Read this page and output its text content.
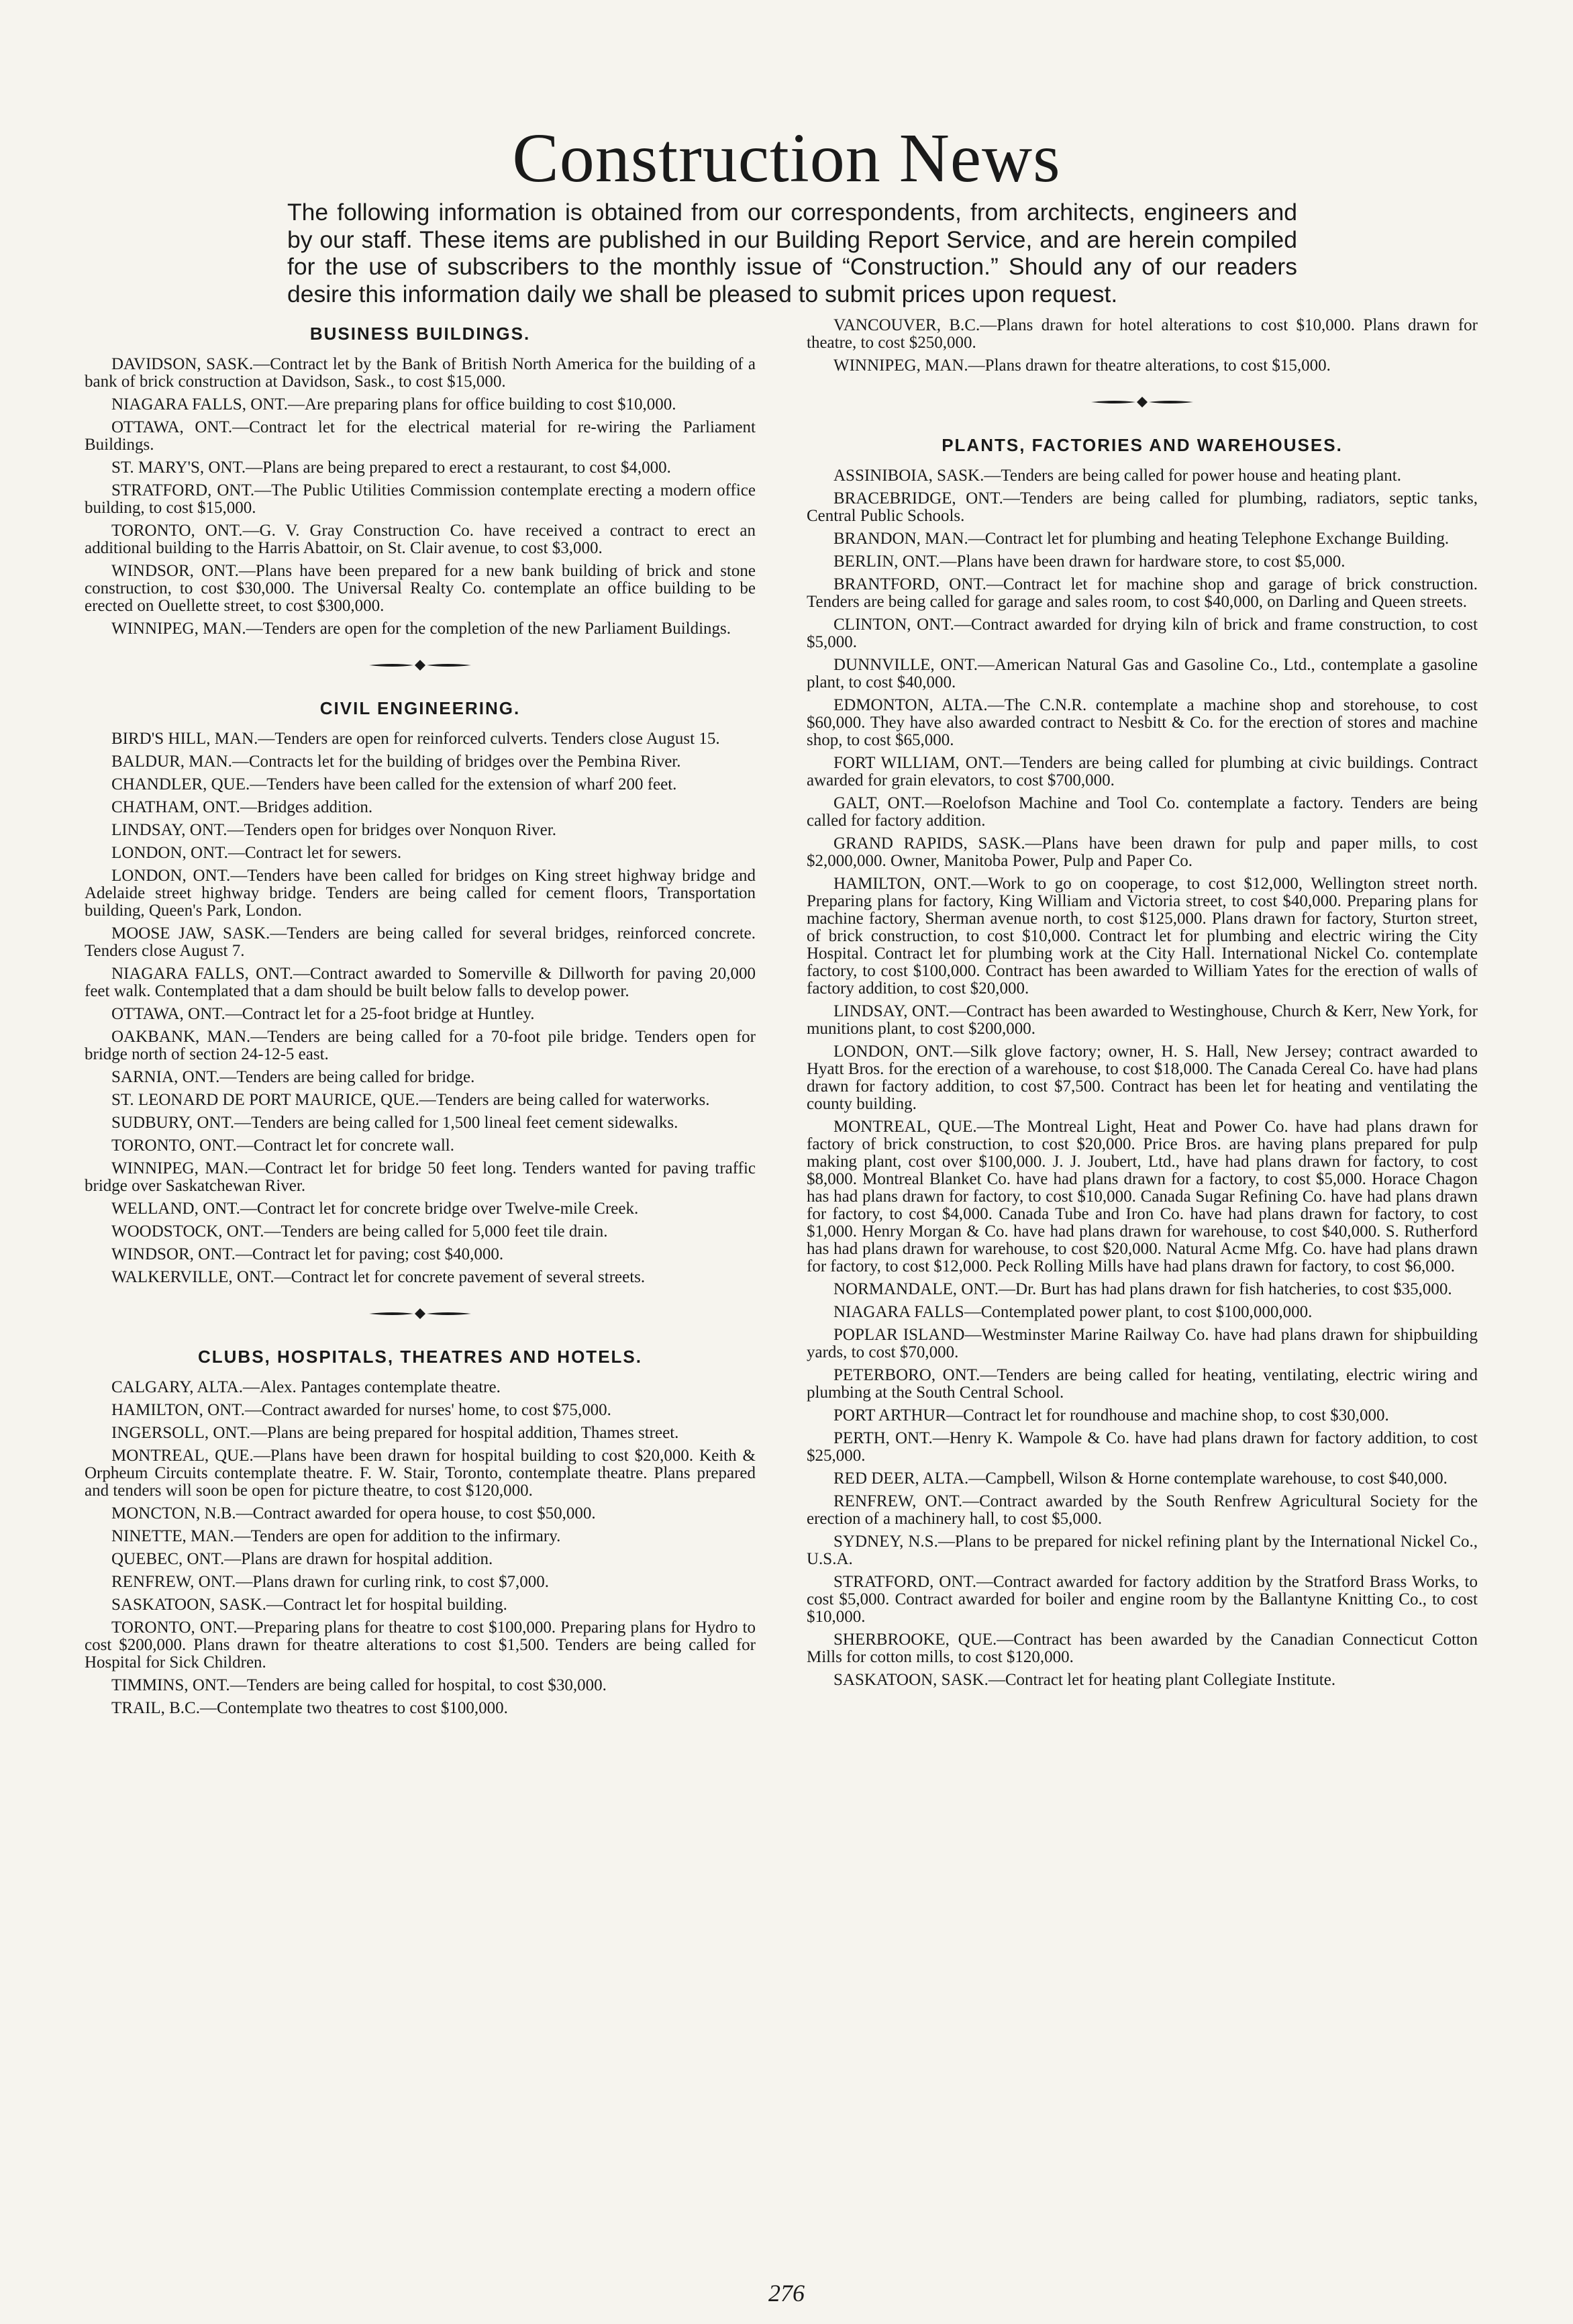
Construction News
The following information is obtained from our correspondents, from architects, engineers and by our staff. These items are published in our Building Report Service, and are herein compiled for the use of subscribers to the monthly issue of “Construction.” Should any of our readers desire this information daily we shall be pleased to submit prices upon request.
BUSINESS BUILDINGS.

DAVIDSON, SASK.—Contract let by the Bank of British North America for the building of a bank of brick construction at Davidson, Sask., to cost $15,000.

NIAGARA FALLS, ONT.—Are preparing plans for office building to cost $10,000.

OTTAWA, ONT.—Contract let for the electrical material for re-wiring the Parliament Buildings.

ST. MARY'S, ONT.—Plans are being prepared to erect a restaurant, to cost $4,000.

STRATFORD, ONT.—The Public Utilities Commission contemplate erecting a modern office building, to cost $15,000.

TORONTO, ONT.—G. V. Gray Construction Co. have received a contract to erect an additional building to the Harris Abattoir, on St. Clair avenue, to cost $3,000.

WINDSOR, ONT.—Plans have been prepared for a new bank building of brick and stone construction, to cost $30,000. The Universal Realty Co. contemplate an office building to be erected on Ouellette street, to cost $300,000.

WINNIPEG, MAN.—Tenders are open for the completion of the new Parliament Buildings.

CIVIL ENGINEERING.

BIRD'S HILL, MAN.—Tenders are open for reinforced culverts. Tenders close August 15.

BALDUR, MAN.—Contracts let for the building of bridges over the Pembina River.

CHANDLER, QUE.—Tenders have been called for the extension of wharf 200 feet.

CHATHAM, ONT.—Bridges addition.

LINDSAY, ONT.—Tenders open for bridges over Nonquon River.

LONDON, ONT.—Contract let for sewers.

LONDON, ONT.—Tenders have been called for bridges on King street highway bridge and Adelaide street highway bridge. Tenders are being called for cement floors, Transportation building, Queen's Park, London.

MOOSE JAW, SASK.—Tenders are being called for several bridges, reinforced concrete. Tenders close August 7.

NIAGARA FALLS, ONT.—Contract awarded to Somerville & Dillworth for paving 20,000 feet walk. Contemplated that a dam should be built below falls to develop power.

OTTAWA, ONT.—Contract let for a 25-foot bridge at Huntley.

OAKBANK, MAN.—Tenders are being called for a 70-foot pile bridge. Tenders open for bridge north of section 24-12-5 east.

SARNIA, ONT.—Tenders are being called for bridge.

ST. LEONARD DE PORT MAURICE, QUE.—Tenders are being called for waterworks.

SUDBURY, ONT.—Tenders are being called for 1,500 lineal feet cement sidewalks.

TORONTO, ONT.—Contract let for concrete wall.

WINNIPEG, MAN.—Contract let for bridge 50 feet long. Tenders wanted for paving traffic bridge over Saskatchewan River.

WELLAND, ONT.—Contract let for concrete bridge over Twelve-mile Creek.

WOODSTOCK, ONT.—Tenders are being called for 5,000 feet tile drain.

WINDSOR, ONT.—Contract let for paving; cost $40,000.

WALKERVILLE, ONT.—Contract let for concrete pavement of several streets.

CLUBS, HOSPITALS, THEATRES AND HOTELS.

CALGARY, ALTA.—Alex. Pantages contemplate theatre.

HAMILTON, ONT.—Contract awarded for nurses' home, to cost $75,000.

INGERSOLL, ONT.—Plans are being prepared for hospital addition, Thames street.

MONTREAL, QUE.—Plans have been drawn for hospital building to cost $20,000. Keith & Orpheum Circuits contemplate theatre. F. W. Stair, Toronto, contemplate theatre. Plans prepared and tenders will soon be open for picture theatre, to cost $120,000.

MONCTON, N.B.—Contract awarded for opera house, to cost $50,000.

NINETTE, MAN.—Tenders are open for addition to the infirmary.

QUEBEC, ONT.—Plans are drawn for hospital addition.

RENFREW, ONT.—Plans drawn for curling rink, to cost $7,000.

SASKATOON, SASK.—Contract let for hospital building.

TORONTO, ONT.—Preparing plans for theatre to cost $100,000. Preparing plans for Hydro to cost $200,000. Plans drawn for theatre alterations to cost $1,500. Tenders are being called for Hospital for Sick Children.

TIMMINS, ONT.—Tenders are being called for hospital, to cost $30,000.

TRAIL, B.C.—Contemplate two theatres to cost $100,000.

VANCOUVER, B.C.—Plans drawn for hotel alterations to cost $10,000. Plans drawn for theatre, to cost $250,000.

WINNIPEG, MAN.—Plans drawn for theatre alterations, to cost $15,000.

PLANTS, FACTORIES AND WAREHOUSES.

ASSINIBOIA, SASK.—Tenders are being called for power house and heating plant.

BRACEBRIDGE, ONT.—Tenders are being called for plumbing, radiators, septic tanks, Central Public Schools.

BRANDON, MAN.—Contract let for plumbing and heating Telephone Exchange Building.

BERLIN, ONT.—Plans have been drawn for hardware store, to cost $5,000.

BRANTFORD, ONT.—Contract let for machine shop and garage of brick construction. Tenders are being called for garage and sales room, to cost $40,000, on Darling and Queen streets.

CLINTON, ONT.—Contract awarded for drying kiln of brick and frame construction, to cost $5,000.

DUNNVILLE, ONT.—American Natural Gas and Gasoline Co., Ltd., contemplate a gasoline plant, to cost $40,000.

EDMONTON, ALTA.—The C.N.R. contemplate a machine shop and storehouse, to cost $60,000. They have also awarded contract to Nesbitt & Co. for the erection of stores and machine shop, to cost $65,000.

FORT WILLIAM, ONT.—Tenders are being called for plumbing at civic buildings. Contract awarded for grain elevators, to cost $700,000.

GALT, ONT.—Roelofson Machine and Tool Co. contemplate a factory. Tenders are being called for factory addition.

GRAND RAPIDS, SASK.—Plans have been drawn for pulp and paper mills, to cost $2,000,000. Owner, Manitoba Power, Pulp and Paper Co.

HAMILTON, ONT.—Work to go on cooperage, to cost $12,000, Wellington street north. Preparing plans for factory, King William and Victoria street, to cost $40,000. Preparing plans for machine factory, Sherman avenue north, to cost $125,000. Plans drawn for factory, Sturton street, of brick construction, to cost $10,000. Contract let for plumbing and electric wiring the City Hospital. Contract let for plumbing work at the City Hall. International Nickel Co. contemplate factory, to cost $100,000. Contract has been awarded to William Yates for the erection of walls of factory addition, to cost $20,000.

LINDSAY, ONT.—Contract has been awarded to Westinghouse, Church & Kerr, New York, for munitions plant, to cost $200,000.

LONDON, ONT.—Silk glove factory; owner, H. S. Hall, New Jersey; contract awarded to Hyatt Bros. for the erection of a warehouse, to cost $18,000. The Canada Cereal Co. have had plans drawn for factory addition, to cost $7,500. Contract has been let for heating and ventilating the county building.

MONTREAL, QUE.—The Montreal Light, Heat and Power Co. have had plans drawn for factory of brick construction, to cost $20,000. Price Bros. are having plans prepared for pulp making plant, cost over $100,000. J. J. Joubert, Ltd., have had plans drawn for factory, to cost $8,000. Montreal Blanket Co. have had plans drawn for a factory, to cost $5,000. Horace Chagon has had plans drawn for factory, to cost $10,000. Canada Sugar Refining Co. have had plans drawn for factory, to cost $4,000. Canada Tube and Iron Co. have had plans drawn for factory, to cost $1,000. Henry Morgan & Co. have had plans drawn for warehouse, to cost $40,000. S. Rutherford has had plans drawn for warehouse, to cost $20,000. Natural Acme Mfg. Co. have had plans drawn for factory, to cost $12,000. Peck Rolling Mills have had plans drawn for factory, to cost $6,000.

NORMANDALE, ONT.—Dr. Burt has had plans drawn for fish hatcheries, to cost $35,000.

NIAGARA FALLS—Contemplated power plant, to cost $100,000,000.

POPLAR ISLAND—Westminster Marine Railway Co. have had plans drawn for shipbuilding yards, to cost $70,000.

PETERBORO, ONT.—Tenders are being called for heating, ventilating, electric wiring and plumbing at the South Central School.

PORT ARTHUR—Contract let for roundhouse and machine shop, to cost $30,000.

PERTH, ONT.—Henry K. Wampole & Co. have had plans drawn for factory addition, to cost $25,000.

RED DEER, ALTA.—Campbell, Wilson & Horne contemplate warehouse, to cost $40,000.

RENFREW, ONT.—Contract awarded by the South Renfrew Agricultural Society for the erection of a machinery hall, to cost $5,000.

SYDNEY, N.S.—Plans to be prepared for nickel refining plant by the International Nickel Co., U.S.A.

STRATFORD, ONT.—Contract awarded for factory addition by the Stratford Brass Works, to cost $5,000. Contract awarded for boiler and engine room by the Ballantyne Knitting Co., to cost $10,000.

SHERBROOKE, QUE.—Contract has been awarded by the Canadian Connecticut Cotton Mills for cotton mills, to cost $120,000.

SASKATOON, SASK.—Contract let for heating plant Collegiate Institute.

276
